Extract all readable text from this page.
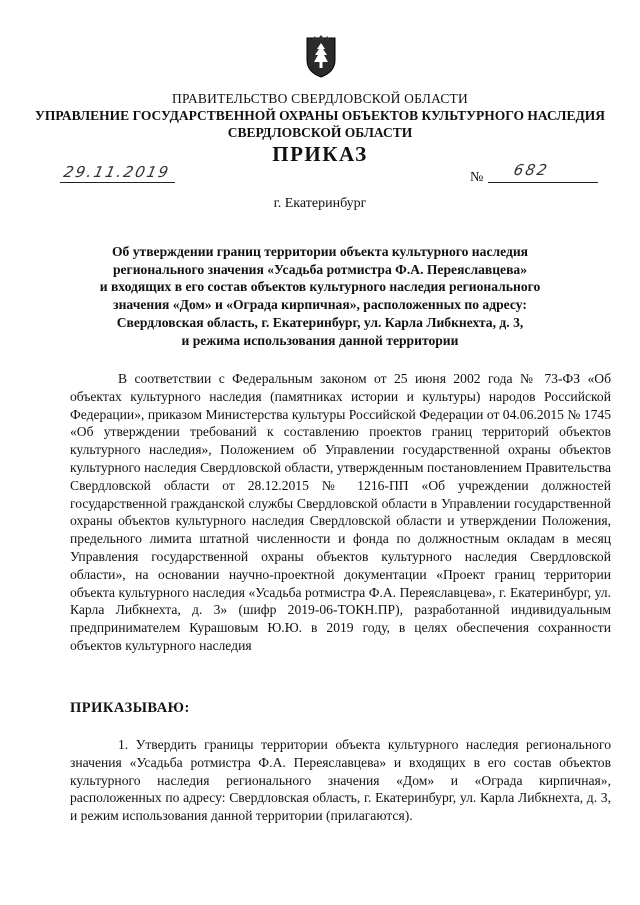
ПРАВИТЕЛЬСТВО СВЕРДЛОВСКОЙ ОБЛАСТИ
УПРАВЛЕНИЕ ГОСУДАРСТВЕННОЙ ОХРАНЫ ОБЪЕКТОВ КУЛЬТУРНОГО НАСЛЕДИЯ
СВЕРДЛОВСКОЙ ОБЛАСТИ
ПРИКАЗ
29.11.2019	№ 682
г. Екатеринбург
Об утверждении границ территории объекта культурного наследия
регионального значения «Усадьба ротмистра Ф.А. Переяславцева»
и входящих в его состав объектов культурного наследия регионального
значения «Дом» и «Ограда кирпичная», расположенных по адресу:
Свердловская область, г. Екатеринбург, ул. Карла Либкнехта, д. 3,
и режима использования данной территории
В соответствии с Федеральным законом от 25 июня 2002 года № 73-ФЗ «Об объектах культурного наследия (памятниках истории и культуры) народов Российской Федерации», приказом Министерства культуры Российской Федерации от 04.06.2015 № 1745 «Об утверждении требований к составлению проектов границ территорий объектов культурного наследия», Положением об Управлении государственной охраны объектов культурного наследия Свердловской области, утвержденным постановлением Правительства Свердловской области от 28.12.2015 № 1216-ПП «Об учреждении должностей государственной гражданской службы Свердловской области в Управлении государственной охраны объектов культурного наследия Свердловской области и утверждении Положения, предельного лимита штатной численности и фонда по должностным окладам в месяц Управления государственной охраны объектов культурного наследия Свердловской области», на основании научно-проектной документации «Проект границ территории объекта культурного наследия «Усадьба ротмистра Ф.А. Переяславцева», г. Екатеринбург, ул. Карла Либкнехта, д. 3» (шифр 2019-06-ТОКН.ПР), разработанной индивидуальным предпринимателем Курашовым Ю.Ю. в 2019 году, в целях обеспечения сохранности объектов культурного наследия
ПРИКАЗЫВАЮ:
1. Утвердить границы территории объекта культурного наследия регионального значения «Усадьба ротмистра Ф.А. Переяславцева» и входящих в его состав объектов культурного наследия регионального значения «Дом» и «Ограда кирпичная», расположенных по адресу: Свердловская область, г. Екатеринбург, ул. Карла Либкнехта, д. 3, и режим использования данной территории (прилагаются).
